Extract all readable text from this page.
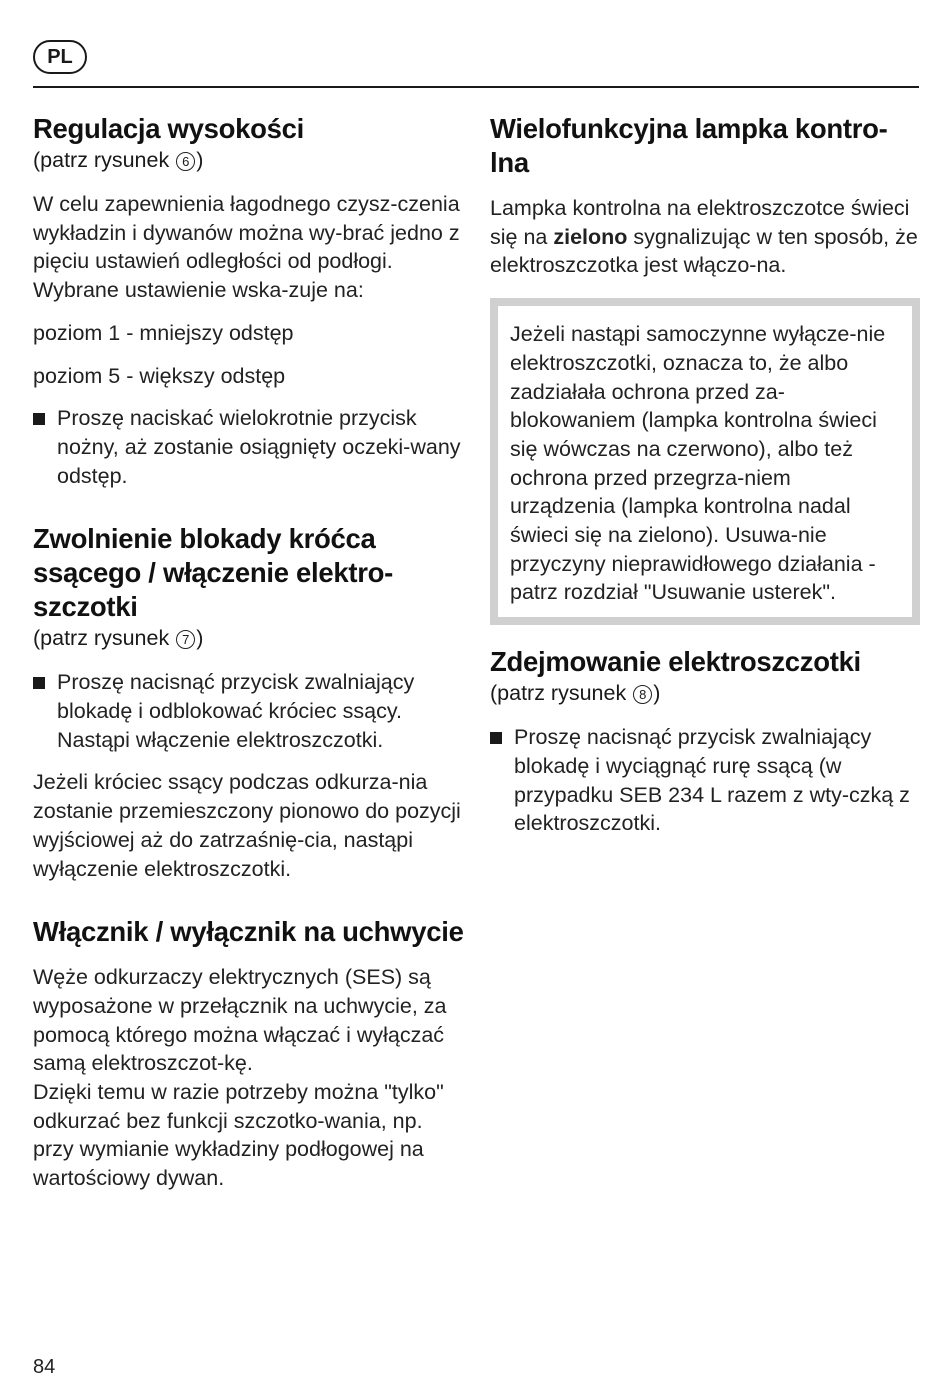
PL
Regulacja wysokości
(patrz rysunek 6 )

W celu zapewnienia łagodnego czysz-czenia wykładzin i dywanów można wy-brać jedno z pięciu ustawień odległości od podłogi. Wybrane ustawienie wska-zuje na:

poziom 1 - mniejszy odstęp

poziom 5 - większy odstęp

Proszę naciskać wielokrotnie przycisk nożny, aż zostanie osiągnięty oczeki-wany odstęp.
Zwolnienie blokady króćca ssącego / włączenie elektro-szczotki
(patrz rysunek 7 )
Proszę nacisnąć przycisk zwalniający blokadę i odblokować króciec ssący. Nastąpi włączenie elektroszczotki.

Jeżeli króciec ssący podczas odkurza-nia zostanie przemieszczony pionowo do pozycji wyjściowej aż do zatrzaśnię-cia, nastąpi wyłączenie elektroszczotki.

Włącznik / wyłącznik na uchwycie

Węże odkurzaczy elektrycznych (SES) są wyposażone w przełącznik na uchwycie, za pomocą którego można włączać i wyłączać samą elektroszczot-kę.

Dzięki temu w razie potrzeby można "tylko" odkurzać bez funkcji szczotko-wania, np. przy wymianie wykładziny podłogowej na wartościowy dywan.

Wielofunkcyjna lampka kontro-lna

Lampka kontrolna na elektroszczotce świeci się na zielono sygnalizując w ten sposób, że elektroszczotka jest włączo-na.

Jeżeli nastąpi samoczynne wyłącze-nie elektroszczotki, oznacza to, że albo zadziałała ochrona przed za-blokowaniem (lampka kontrolna świeci się wówczas na czerwono), albo też ochrona przed przegrza-niem urządzenia (lampka kontrolna nadal świeci się na zielono). Usuwa-nie przyczyny nieprawidłowego działania - patrz rozdział "Usuwanie usterek".

Zdejmowanie elektroszczotki
(patrz rysunek 8 )
Proszę nacisnąć przycisk zwalniający blokadę i wyciągnąć rurę ssącą (w przypadku SEB 234 L razem z wty-czką z elektroszczotki.
84
